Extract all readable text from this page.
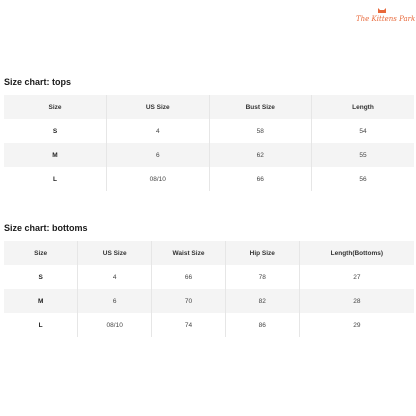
The Kittens Park
Size chart: tops
Size	US Size	Bust Size	Length
S	4	58	54
M	6	62	55
L	08/10	66	56
Size chart: bottoms
Size	US Size	Waist Size	Hip Size	Length(Bottoms)
S	4	66	78	27
M	6	70	82	28
L	08/10	74	86	29
